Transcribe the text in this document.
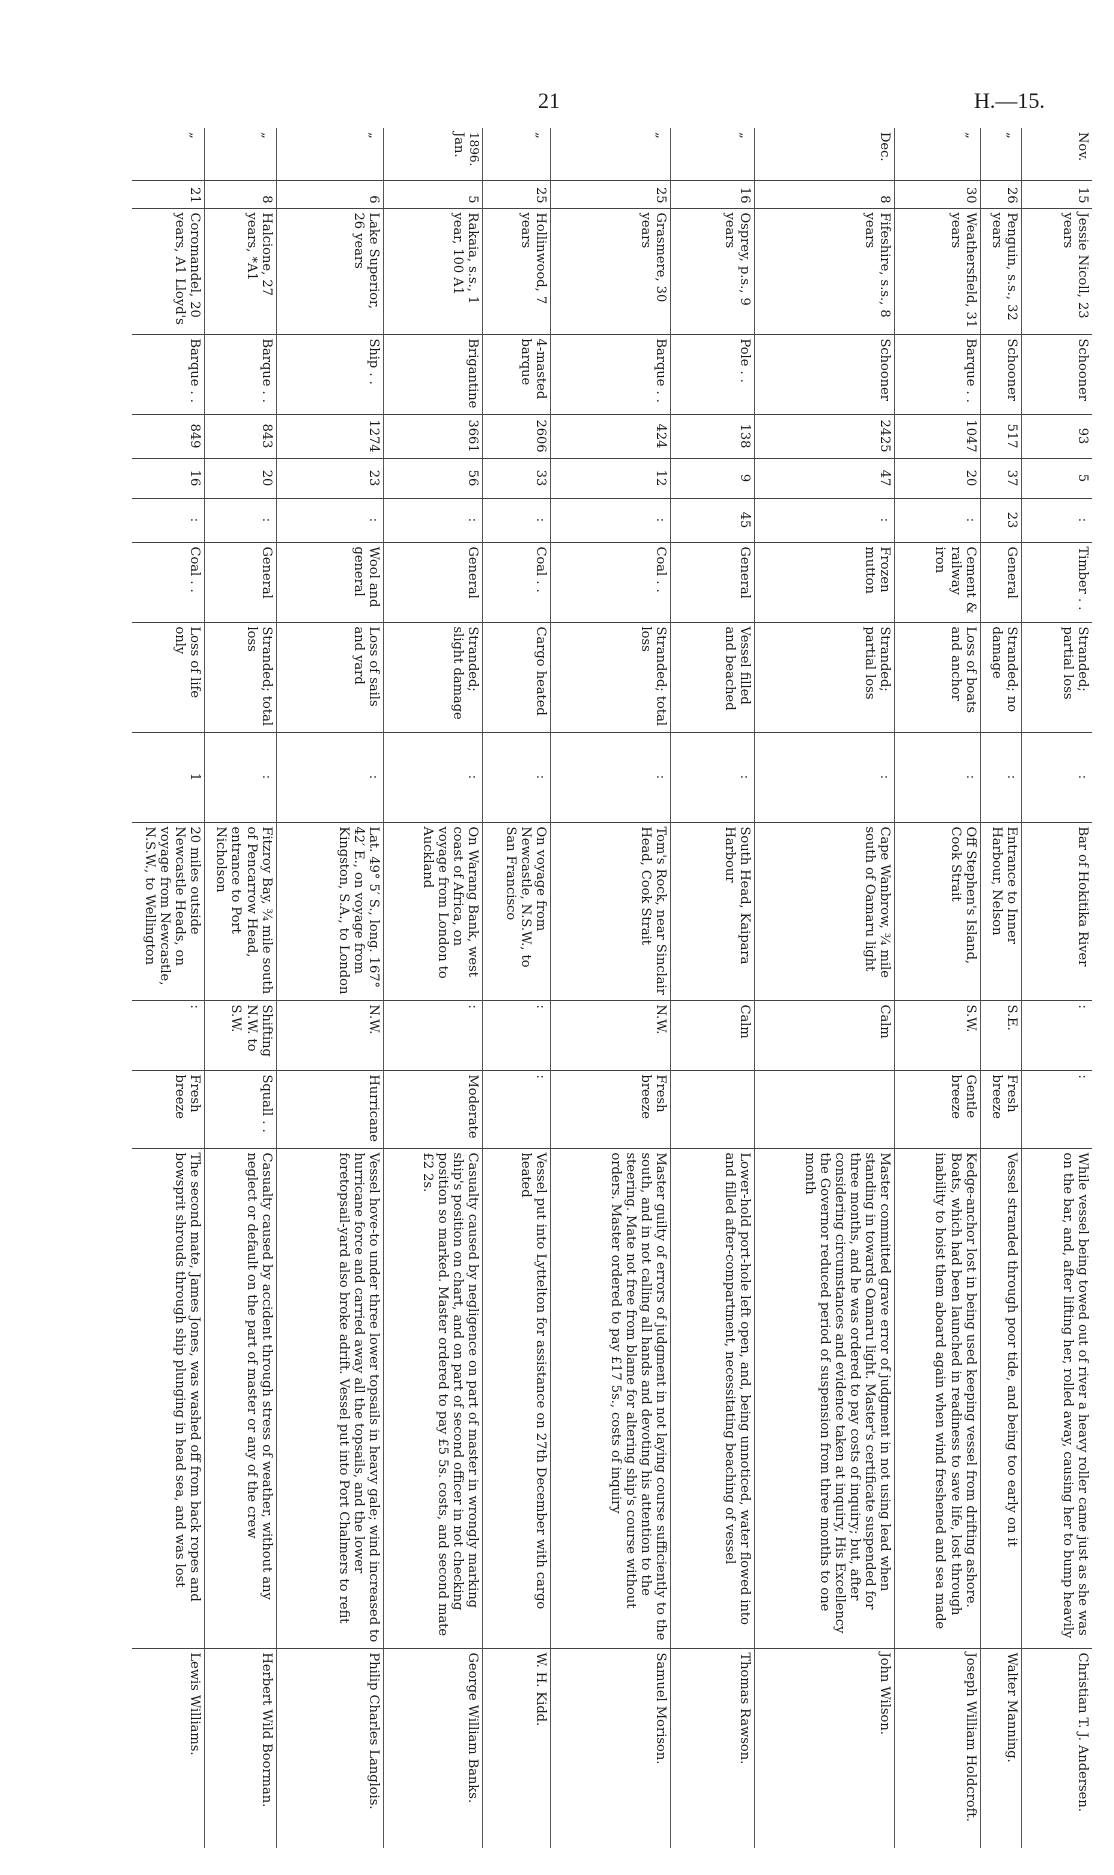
21	H.—15.
Nov.	15	Jessie Nicoll, 23 years	Schooner	93	5	:	Timber . .	Stranded; partial loss	:	Bar of Hokitika River	:	:	While vessel being towed out of river a heavy roller came just as she was on the bar, and, after lifting her, rolled away, causing her to bump heavily	Christian T. J. Andersen.
„	26	Penguin, s.s., 32 years	Schooner	517	37	23	General	Stranded; no damage	:	Entrance to Inner Harbour, Nelson	S.E.	Fresh breeze	Vessel stranded through poor tide, and being too early on it	Walter Manning.
„	30	Weathersfield, 31 years	Barque . .	1047	20	:	Cement & railway iron	Loss of boats and anchor	:	Off Stephen's Island, Cook Strait	S.W.	Gentle breeze	Kedge-anchor lost in being used keeping vessel from drifting ashore. Boats, which had been launched in readiness to save life, lost through inability to hoist them aboard again when wind freshened and sea made	Joseph William Holdcroft.
Dec.	8	Fifeshire, s.s., 8 years	Schooner	2425	47	:	Frozen mutton	Stranded; partial loss	:	Cape Wanbrow, ¾ mile south of Oamaru light	Calm		Master committed grave error of judgment in not using lead when standing in towards Oamaru light. Master's certificate suspended for three months, and he was ordered to pay costs of inquiry; but, after considering circumstances and evidence taken at inquiry, His Excellency the Governor reduced period of suspension from three months to one month	John Wilson.
„	16	Osprey, p.s., 9 years	Pole . .	138	9	45	General	Vessel filled and beached	:	South Head, Kaipara Harbour	Calm		Lower-hold port-hole left open, and, being unnoticed, water flowed into and filled after-compartment, necessitating beaching of vessel	Thomas Rawson.
„	25	Grasmere, 30 years	Barque . .	424	12	:	Coal . .	Stranded; total loss	:	Tom's Rock, near Sinclair Head, Cook Strait	N.W.	Fresh breeze	Master guilty of errors of judgment in not laying course sufficiently to the south, and in not calling all hands and devoting his attention to the steering. Mate not free from blame for altering ship's course without orders. Master ordered to pay £17 5s., costs of inquiry	Samuel Morison.
„	25	Hollinwood, 7 years	4-masted barque	2606	33	:	Coal . .	Cargo heated	:	On voyage from Newcastle, N.S.W., to San Francisco	:	:	Vessel put into Lyttelton for assistance on 27th December with cargo heated	W. H. Kidd.

1896.
Jan.	5	Rakaia, s.s., 1 year, 100 A1	Brigantine	3661	56	:	General	Stranded; slight damage	:	On Warang Bank, west coast of Africa, on voyage from London to Auckland	:	Moderate	Casualty caused by negligence on part of master in wrongly marking ship's position on chart, and on part of second officer in not checking position so marked. Master ordered to pay £5 5s. costs, and second mate £2 2s.	George William Banks.
„	6	Lake Superior, 26 years	Ship . .	1274	23	:	Wool and general	Loss of sails and yard	:	Lat. 49° 5′ S., long. 167° 42′ E., on voyage from Kingston, S.A., to London	N.W.	Hurricane	Vessel hove-to under three lower topsails in heavy gale; wind increased to hurricane force and carried away all the topsails, and the lower foretopsail-yard also broke adrift. Vessel put into Port Chalmers to refit	Philip Charles Langlois.
„	8	Halcione, 27 years, *A1	Barque . .	843	20	:	General	Stranded; total loss	:	Fitzroy Bay, ¾ mile south of Pencarrow Head, entrance to Port Nicholson	Shifting N.W. to S.W.	Squall . .	Casualty caused by accident through stress of weather, without any neglect or default on the part of master or any of the crew	Herbert Wild Boorman.
„	21	Coromandel, 20 years, A1 Lloyd's	Barque . .	849	16	:	Coal . .	Loss of life only	1	20 miles outside Newcastle Heads, on voyage from Newcastle, N.S.W., to Wellington	:	Fresh breeze	The second mate, James Jones, was washed off from back ropes and bowsprit shrouds through ship plunging in head sea, and was lost	Lewis Williams.
